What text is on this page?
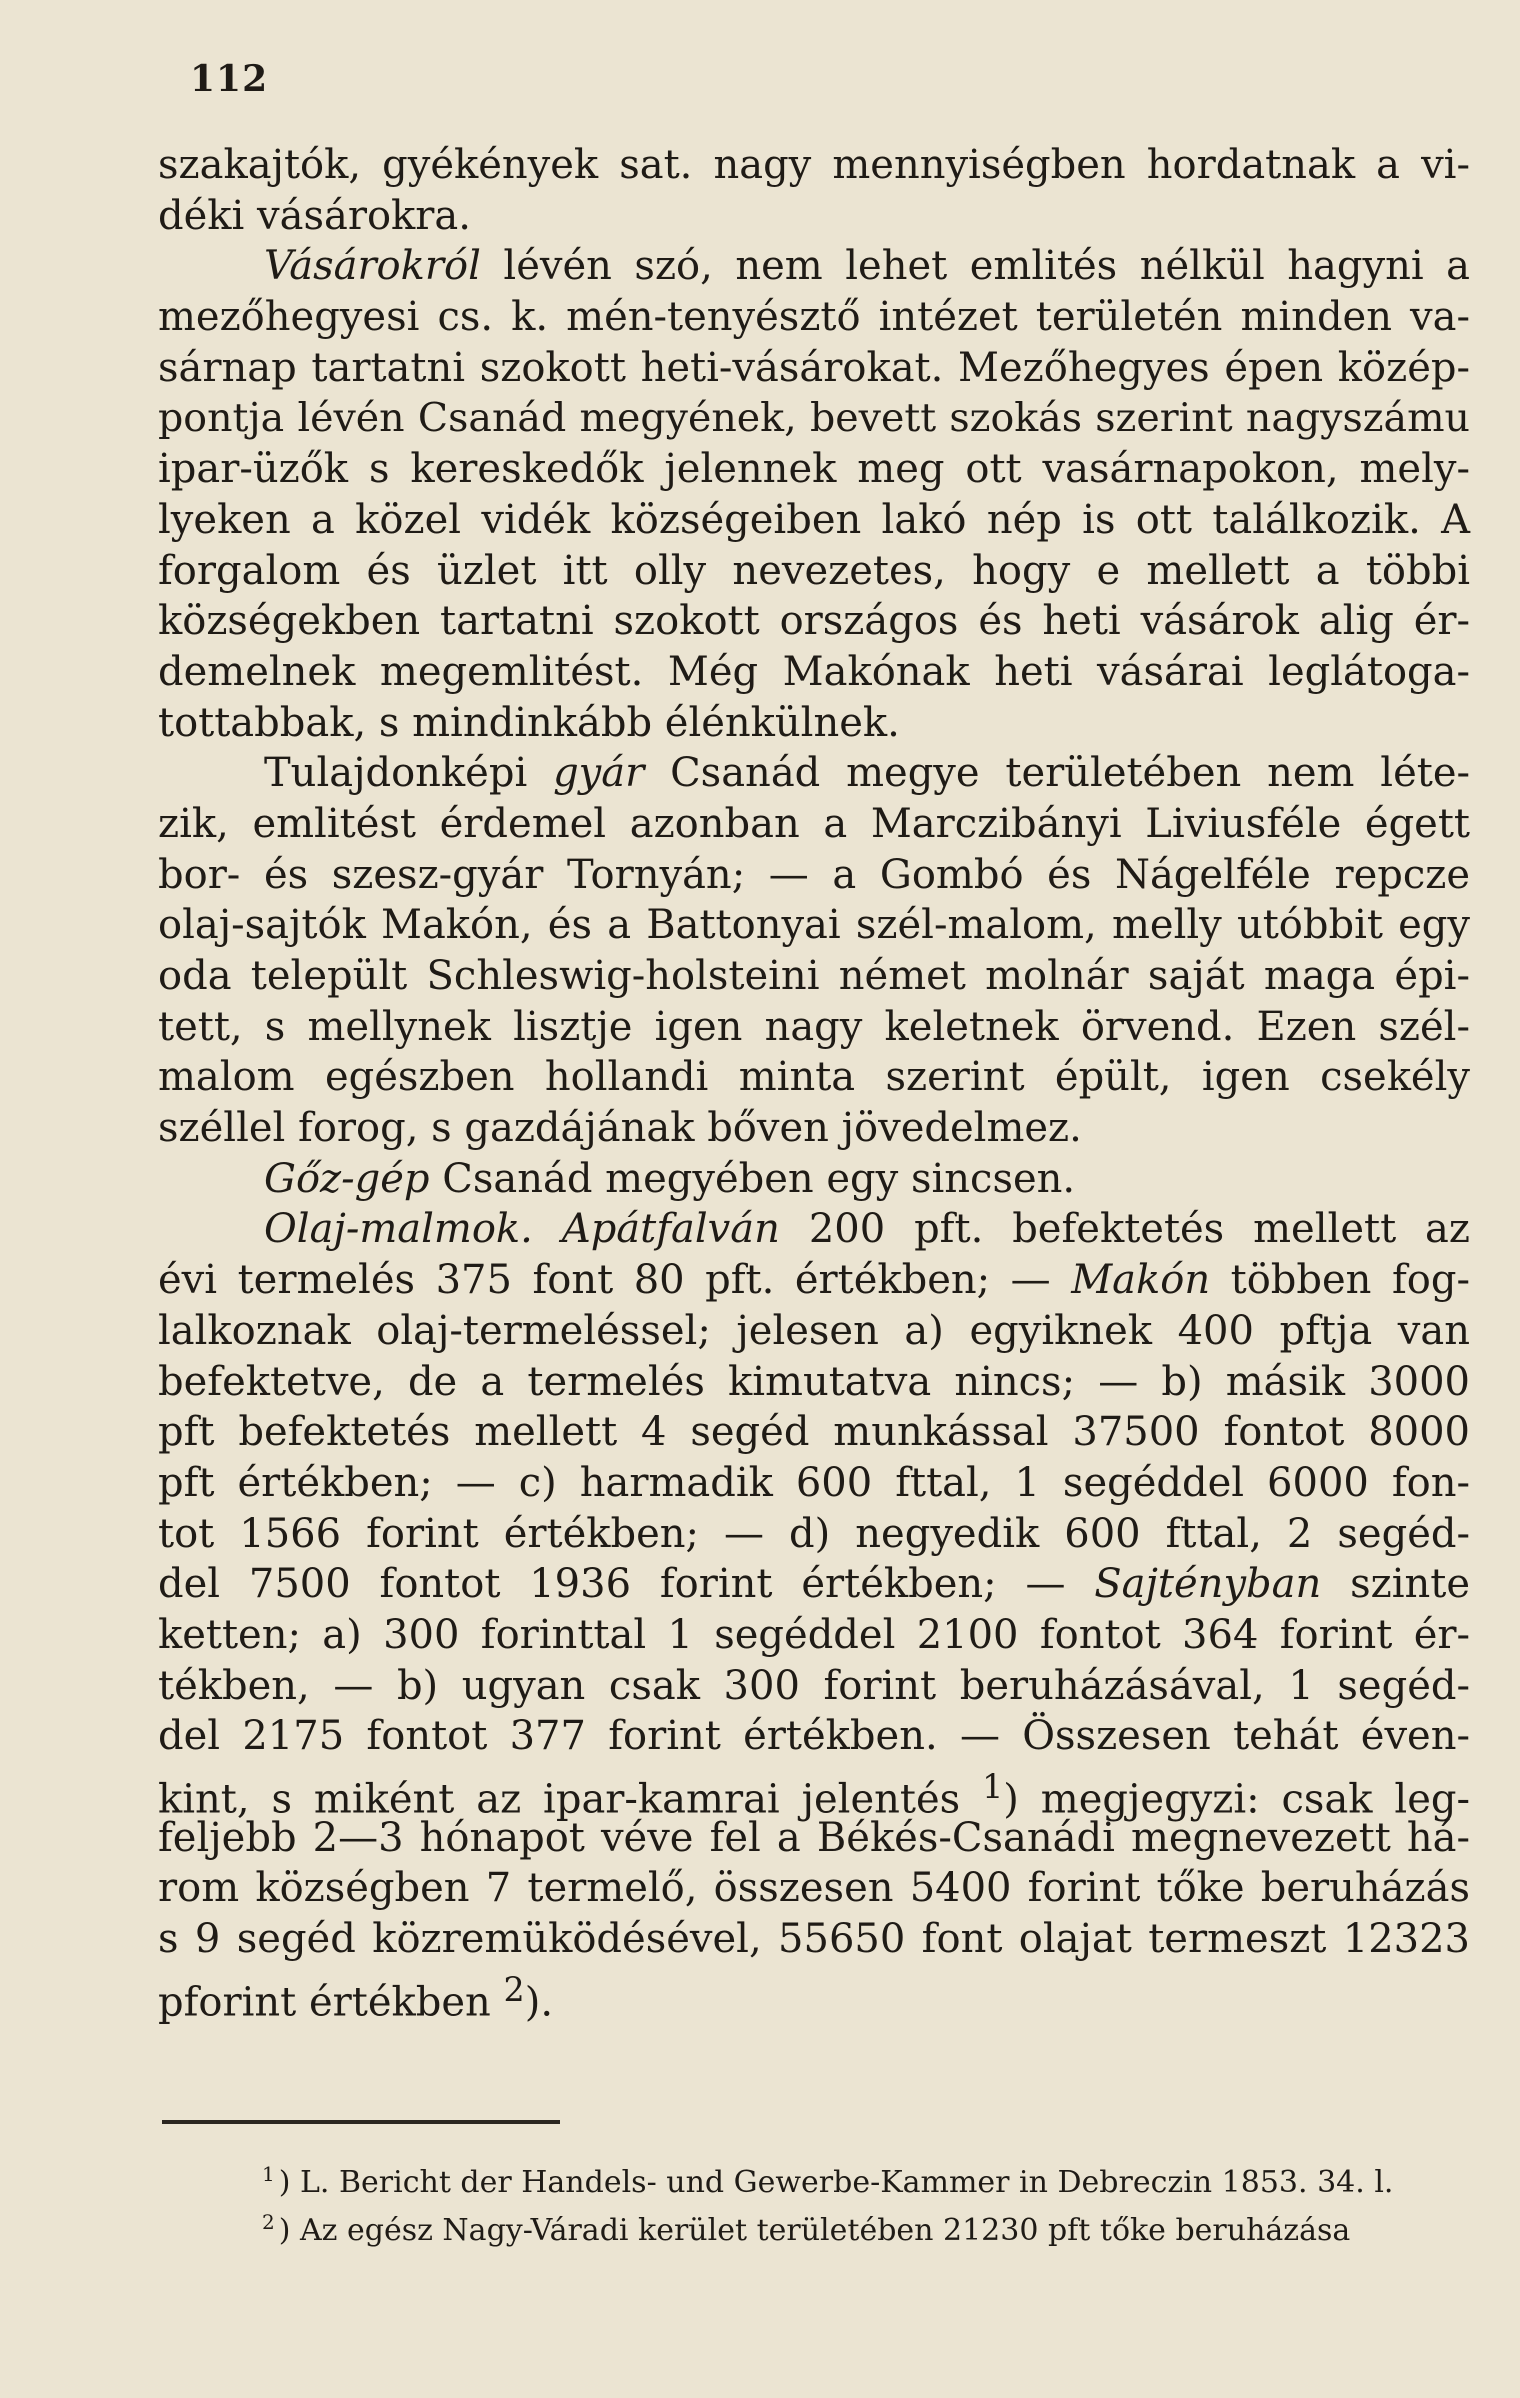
112
szakajtók, gyékények sat. nagy mennyiségben hordatnak a vi-
déki vásárokra.
Vásárokról lévén szó, nem lehet emlités nélkül hagyni a
mezőhegyesi cs. k. mén-tenyésztő intézet területén minden va-
sárnap tartatni szokott heti-vásárokat. Mezőhegyes épen közép-
pontja lévén Csanád megyének, bevett szokás szerint nagyszámu
ipar-üzők s kereskedők jelennek meg ott vasárnapokon, mely-
lyeken a közel vidék községeiben lakó nép is ott találkozik. A
forgalom és üzlet itt olly nevezetes, hogy e mellett a többi
községekben tartatni szokott országos és heti vásárok alig ér-
demelnek megemlitést. Még Makónak heti vásárai leglátoga-
tottabbak, s mindinkább élénkülnek.
Tulajdonképi gyár Csanád megye területében nem léte-
zik, emlitést érdemel azonban a Marczibányi Liviusféle égett
bor- és szesz-gyár Tornyán; — a Gombó és Nágelféle repcze
olaj-sajtók Makón, és a Battonyai szél-malom, melly utóbbit egy
oda települt Schleswig-holsteini német molnár saját maga épi-
tett, s mellynek lisztje igen nagy keletnek örvend. Ezen szél-
malom egészben hollandi minta szerint épült, igen csekély
széllel forog, s gazdájának bőven jövedelmez.
Gőz-gép Csanád megyében egy sincsen.
Olaj-malmok. Apátfalván 200 pft. befektetés mellett az
évi termelés 375 font 80 pft. értékben; — Makón többen fog-
lalkoznak olaj-termeléssel; jelesen a) egyiknek 400 pftja van
befektetve, de a termelés kimutatva nincs; — b) másik 3000
pft befektetés mellett 4 segéd munkással 37500 fontot 8000
pft értékben; — c) harmadik 600 fttal, 1 segéddel 6000 fon-
tot 1566 forint értékben; — d) negyedik 600 fttal, 2 segéd-
del 7500 fontot 1936 forint értékben; — Sajtényban szinte
ketten; a) 300 forinttal 1 segéddel 2100 fontot 364 forint ér-
tékben, — b) ugyan csak 300 forint beruházásával, 1 segéd-
del 2175 fontot 377 forint értékben. — Összesen tehát éven-
kint, s miként az ipar-kamrai jelentés $^1$) megjegyzi: csak leg-
feljebb 2—3 hónapot véve fel a Békés-Csanádi megnevezett há-
rom községben 7 termelő, összesen 5400 forint tőke beruházás
s 9 segéd közremüködésével, 55650 font olajat termeszt 12323
pforint értékben $^2$).
$^1$ ) L. Bericht der Handels- und Gewerbe-Kammer in Debreczin 1853. 34. l.
$^2$ ) Az egész Nagy-Váradi kerület területében 21230 pft tőke beruházása
